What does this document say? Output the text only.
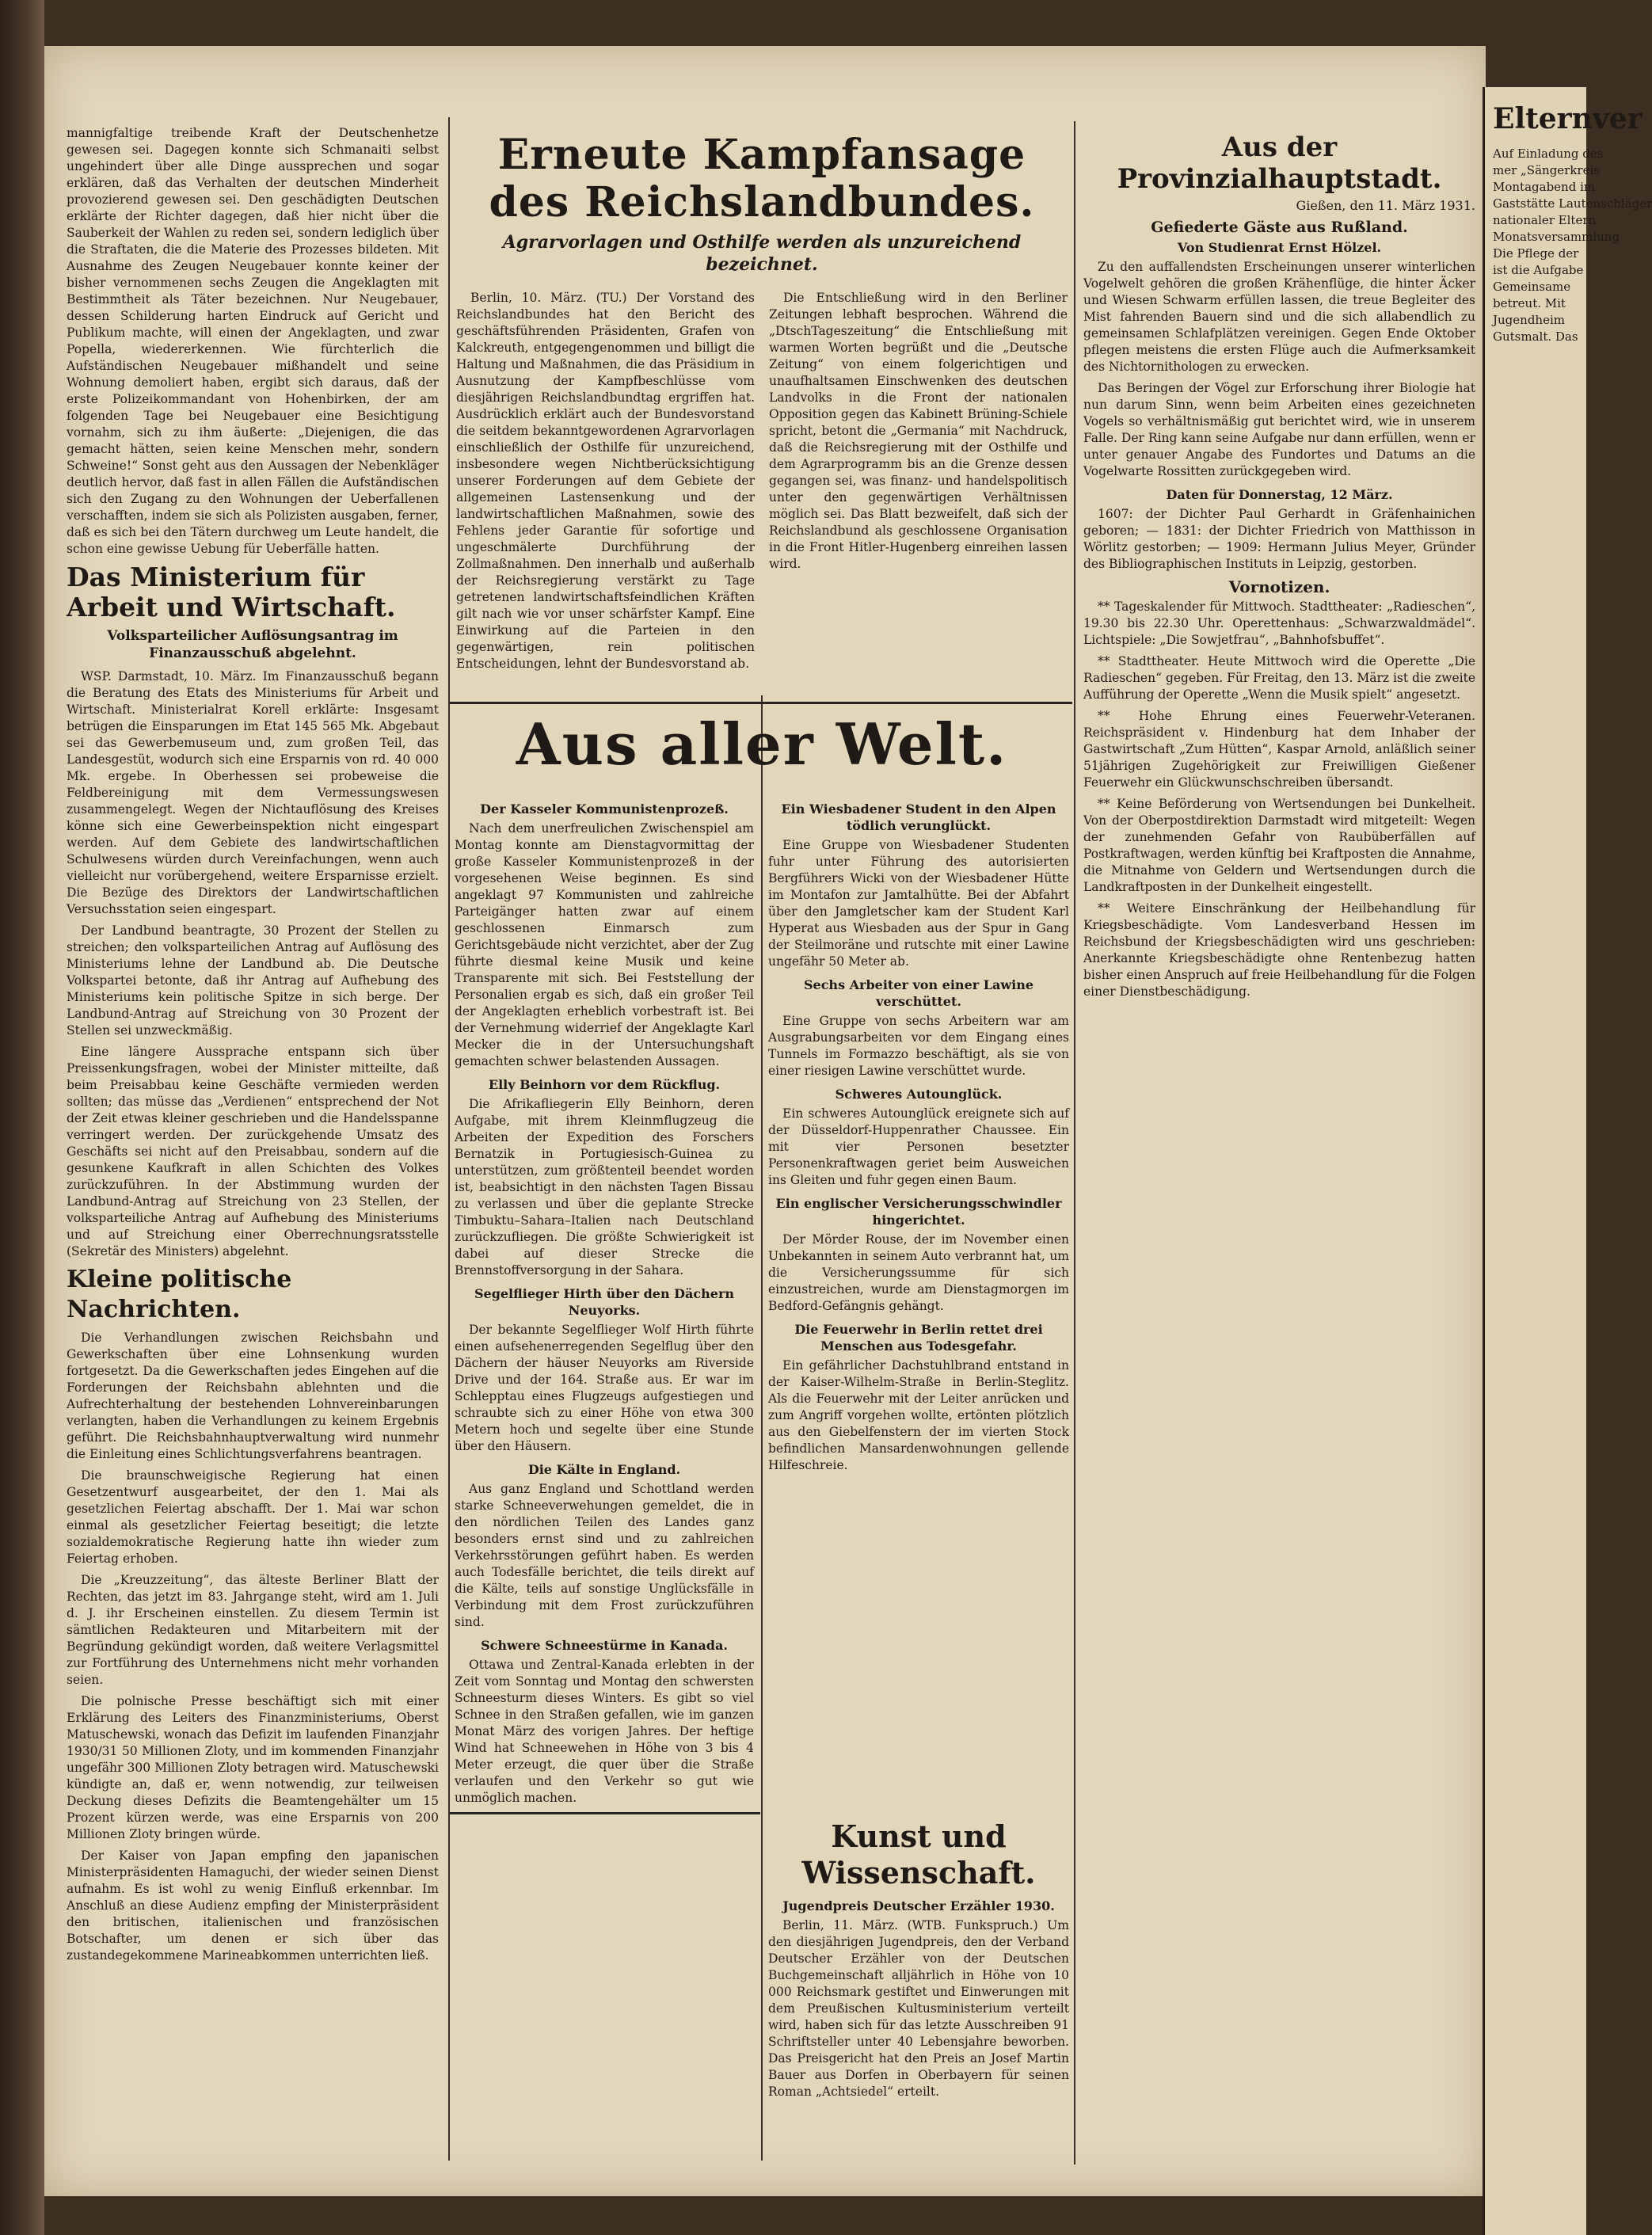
mannigfaltige treibende Kraft der Deutschenhetze gewesen sei. Dagegen konnte sich Schmanaiti selbst ungehindert über alle Dinge aussprechen und sogar erklären, daß das Verhalten der deutschen Minderheit provozierend gewesen sei. Den geschädigten Deutschen erklärte der Richter dagegen, daß hier nicht über die Sauberkeit der Wahlen zu reden sei, sondern lediglich über die Straftaten, die die Materie des Prozesses bildeten. Mit Ausnahme des Zeugen Neugebauer konnte keiner der bisher vernommenen sechs Zeugen die Angeklagten mit Bestimmtheit als Täter bezeichnen. Nur Neugebauer, dessen Schilderung harten Eindruck auf Gericht und Publikum machte, will einen der Angeklagten, und zwar Popella, wiedererkennen. Wie fürchterlich die Aufständischen Neugebauer mißhandelt und seine Wohnung demoliert haben, ergibt sich daraus, daß der erste Polizeikommandant von Hohenbirken, der am folgenden Tage bei Neugebauer eine Besichtigung vornahm, sich zu ihm äußerte: „Diejenigen, die das gemacht hätten, seien keine Menschen mehr, sondern Schweine!“ Sonst geht aus den Aussagen der Nebenkläger deutlich hervor, daß fast in allen Fällen die Aufständischen sich den Zugang zu den Wohnungen der Ueberfallenen verschafften, indem sie sich als Polizisten ausgaben, ferner, daß es sich bei den Tätern durchweg um Leute handelt, die schon eine gewisse Uebung für Ueberfälle hatten.

Das Ministerium für Arbeit und Wirtschaft.
Volksparteilicher Auflösungsantrag im Finanzausschuß abgelehnt.

WSP. Darmstadt, 10. März. Im Finanzausschuß begann die Beratung des Etats des Ministeriums für Arbeit und Wirtschaft. Ministerialrat Korell erklärte: Insgesamt betrügen die Einsparungen im Etat 145 565 Mk. Abgebaut sei das Gewerbemuseum und, zum großen Teil, das Landesgestüt, wodurch sich eine Ersparnis von rd. 40 000 Mk. ergebe. In Oberhessen sei probeweise die Feldbereinigung mit dem Vermessungswesen zusammengelegt. Wegen der Nichtauflösung des Kreises könne sich eine Gewerbeinspektion nicht eingespart werden. Auf dem Gebiete des landwirtschaftlichen Schulwesens würden durch Vereinfachungen, wenn auch vielleicht nur vorübergehend, weitere Ersparnisse erzielt. Die Bezüge des Direktors der Landwirtschaftlichen Versuchsstation seien eingespart.

Der Landbund beantragte, 30 Prozent der Stellen zu streichen; den volksparteilichen Antrag auf Auflösung des Ministeriums lehne der Landbund ab. Die Deutsche Volkspartei betonte, daß ihr Antrag auf Aufhebung des Ministeriums kein politische Spitze in sich berge. Der Landbund-Antrag auf Streichung von 30 Prozent der Stellen sei unzweckmäßig.

Eine längere Aussprache entspann sich über Preissenkungsfragen, wobei der Minister mitteilte, daß beim Preisabbau keine Geschäfte vermieden werden sollten; das müsse das „Verdienen“ entsprechend der Not der Zeit etwas kleiner geschrieben und die Handelsspanne verringert werden. Der zurückgehende Umsatz des Geschäfts sei nicht auf den Preisabbau, sondern auf die gesunkene Kaufkraft in allen Schichten des Volkes zurückzuführen. In der Abstimmung wurden der Landbund-Antrag auf Streichung von 23 Stellen, der volksparteiliche Antrag auf Aufhebung des Ministeriums und auf Streichung einer Oberrechnungsratsstelle (Sekretär des Ministers) abgelehnt.

Kleine politische Nachrichten.

Die Verhandlungen zwischen Reichsbahn und Gewerkschaften über eine Lohnsenkung wurden fortgesetzt. Da die Gewerkschaften jedes Eingehen auf die Forderungen der Reichsbahn ablehnten und die Aufrechterhaltung der bestehenden Lohnvereinbarungen verlangten, haben die Verhandlungen zu keinem Ergebnis geführt. Die Reichsbahnhauptverwaltung wird nunmehr die Einleitung eines Schlichtungsverfahrens beantragen.

Die braunschweigische Regierung hat einen Gesetzentwurf ausgearbeitet, der den 1. Mai als gesetzlichen Feiertag abschafft. Der 1. Mai war schon einmal als gesetzlicher Feiertag beseitigt; die letzte sozialdemokratische Regierung hatte ihn wieder zum Feiertag erhoben.

Die „Kreuzzeitung“, das älteste Berliner Blatt der Rechten, das jetzt im 83. Jahrgange steht, wird am 1. Juli d. J. ihr Erscheinen einstellen. Zu diesem Termin ist sämtlichen Redakteuren und Mitarbeitern mit der Begründung gekündigt worden, daß weitere Verlagsmittel zur Fortführung des Unternehmens nicht mehr vorhanden seien.

Die polnische Presse beschäftigt sich mit einer Erklärung des Leiters des Finanzministeriums, Oberst Matuschewski, wonach das Defizit im laufenden Finanzjahr 1930/31 50 Millionen Zloty, und im kommenden Finanzjahr ungefähr 300 Millionen Zloty betragen wird. Matuschewski kündigte an, daß er, wenn notwendig, zur teilweisen Deckung dieses Defizits die Beamtengehälter um 15 Prozent kürzen werde, was eine Ersparnis von 200 Millionen Zloty bringen würde.

Der Kaiser von Japan empfing den japanischen Ministerpräsidenten Hamaguchi, der wieder seinen Dienst aufnahm. Es ist wohl zu wenig Einfluß erkennbar. Im Anschluß an diese Audienz empfing der Ministerpräsident den britischen, italienischen und französischen Botschafter, um denen er sich über das zustandegekommene Marineabkommen unterrichten ließ.

Erneute Kampfansage des Reichslandbundes.
Agrarvorlagen und Osthilfe werden als unzureichend bezeichnet.

Berlin, 10. März. (TU.) Der Vorstand des Reichslandbundes hat den Bericht des geschäftsführenden Präsidenten, Grafen von Kalckreuth, entgegengenommen und billigt die Haltung und Maßnahmen, die das Präsidium in Ausnutzung der Kampfbeschlüsse vom diesjährigen Reichslandbundtag ergriffen hat. Ausdrücklich erklärt auch der Bundesvorstand die seitdem bekanntgewordenen Agrarvorlagen einschließlich der Osthilfe für unzureichend, insbesondere wegen Nichtberücksichtigung unserer Forderungen auf dem Gebiete der allgemeinen Lastensenkung und der landwirtschaftlichen Maßnahmen, sowie des Fehlens jeder Garantie für sofortige und ungeschmälerte Durchführung der Zollmaßnahmen. Den innerhalb und außerhalb der Reichsregierung verstärkt zu Tage getretenen landwirtschaftsfeindlichen Kräften gilt nach wie vor unser schärfster Kampf. Eine Einwirkung auf die Parteien in den gegenwärtigen, rein politischen Entscheidungen, lehnt der Bundesvorstand ab.

Die Entschließung wird in den Berliner Zeitungen lebhaft besprochen. Während die „DtschTageszeitung“ die Entschließung mit warmen Worten begrüßt und die „Deutsche Zeitung“ von einem folgerichtigen und unaufhaltsamen Einschwenken des deutschen Landvolks in die Front der nationalen Opposition gegen das Kabinett Brüning-Schiele spricht, betont die „Germania“ mit Nachdruck, daß die Reichsregierung mit der Osthilfe und dem Agrarprogramm bis an die Grenze dessen gegangen sei, was finanz- und handelspolitisch unter den gegenwärtigen Verhältnissen möglich sei. Das Blatt bezweifelt, daß sich der Reichslandbund als geschlossene Organisation in die Front Hitler-Hugenberg einreihen lassen wird.

Aus aller Welt.
Der Kasseler Kommunistenprozeß.

Nach dem unerfreulichen Zwischenspiel am Montag konnte am Dienstagvormittag der große Kasseler Kommunistenprozeß in der vorgesehenen Weise beginnen. Es sind angeklagt 97 Kommunisten und zahlreiche Parteigänger hatten zwar auf einem geschlossenen Einmarsch zum Gerichtsgebäude nicht verzichtet, aber der Zug führte diesmal keine Musik und keine Transparente mit sich. Bei Feststellung der Personalien ergab es sich, daß ein großer Teil der Angeklagten erheblich vorbestraft ist. Bei der Vernehmung widerrief der Angeklagte Karl Mecker die in der Untersuchungshaft gemachten schwer belastenden Aussagen.

Elly Beinhorn vor dem Rückflug.

Die Afrikafliegerin Elly Beinhorn, deren Aufgabe, mit ihrem Kleinmflugzeug die Arbeiten der Expedition des Forschers Bernatzik in Portugiesisch-Guinea zu unterstützen, zum größtenteil beendet worden ist, beabsichtigt in den nächsten Tagen Bissau zu verlassen und über die geplante Strecke Timbuktu–Sahara–Italien nach Deutschland zurückzufliegen. Die größte Schwierigkeit ist dabei auf dieser Strecke die Brennstoffversorgung in der Sahara.

Segelflieger Hirth über den Dächern Neuyorks.

Der bekannte Segelflieger Wolf Hirth führte einen aufsehenerregenden Segelflug über den Dächern der häuser Neuyorks am Riverside Drive und der 164. Straße aus. Er war im Schlepptau eines Flugzeugs aufgestiegen und schraubte sich zu einer Höhe von etwa 300 Metern hoch und segelte über eine Stunde über den Häusern.

Die Kälte in England.

Aus ganz England und Schottland werden starke Schneeverwehungen gemeldet, die in den nördlichen Teilen des Landes ganz besonders ernst sind und zu zahlreichen Verkehrsstörungen geführt haben. Es werden auch Todesfälle berichtet, die teils direkt auf die Kälte, teils auf sonstige Unglücksfälle in Verbindung mit dem Frost zurückzuführen sind.

Schwere Schneestürme in Kanada.

Ottawa und Zentral-Kanada erlebten in der Zeit vom Sonntag und Montag den schwersten Schneesturm dieses Winters. Es gibt so viel Schnee in den Straßen gefallen, wie im ganzen Monat März des vorigen Jahres. Der heftige Wind hat Schneewehen in Höhe von 3 bis 4 Meter erzeugt, die quer über die Straße verlaufen und den Verkehr so gut wie unmöglich machen.

Ein Wiesbadener Student in den Alpen tödlich verunglückt.

Eine Gruppe von Wiesbadener Studenten fuhr unter Führung des autorisierten Bergführers Wicki von der Wiesbadener Hütte im Montafon zur Jamtalhütte. Bei der Abfahrt über den Jamgletscher kam der Student Karl Hyperat aus Wiesbaden aus der Spur in Gang der Steilmoräne und rutschte mit einer Lawine ungefähr 50 Meter ab.

Sechs Arbeiter von einer Lawine verschüttet.

Eine Gruppe von sechs Arbeitern war am Ausgrabungsarbeiten vor dem Eingang eines Tunnels im Formazzo beschäftigt, als sie von einer riesigen Lawine verschüttet wurde.

Schweres Autounglück.

Ein schweres Autounglück ereignete sich auf der Düsseldorf-Huppenrather Chaussee. Ein mit vier Personen besetzter Personenkraftwagen geriet beim Ausweichen ins Gleiten und fuhr gegen einen Baum.

Ein englischer Versicherungsschwindler hingerichtet.

Der Mörder Rouse, der im November einen Unbekannten in seinem Auto verbrannt hat, um die Versicherungssumme für sich einzustreichen, wurde am Dienstagmorgen im Bedford-Gefängnis gehängt.

Die Feuerwehr in Berlin rettet drei Menschen aus Todesgefahr.

Ein gefährlicher Dachstuhlbrand entstand in der Kaiser-Wilhelm-Straße in Berlin-Steglitz. Als die Feuerwehr mit der Leiter anrücken und zum Angriff vorgehen wollte, ertönten plötzlich aus den Giebelfenstern der im vierten Stock befindlichen Mansardenwohnungen gellende Hilfeschreie.

Kunst und Wissenschaft.
Jugendpreis Deutscher Erzähler 1930.

Berlin, 11. März. (WTB. Funkspruch.) Um den diesjährigen Jugendpreis, den der Verband Deutscher Erzähler von der Deutschen Buchgemeinschaft alljährlich in Höhe von 10 000 Reichsmark gestiftet und Einwerungen mit dem Preußischen Kultusministerium verteilt wird, haben sich für das letzte Ausschreiben 91 Schriftsteller unter 40 Lebensjahre beworben. Das Preisgericht hat den Preis an Josef Martin Bauer aus Dorfen in Oberbayern für seinen Roman „Achtsiedel“ erteilt.

Aus der Provinzialhauptstadt.
Gießen, den 11. März 1931.
Gefiederte Gäste aus Rußland.
Von Studienrat Ernst Hölzel.

Zu den auffallendsten Erscheinungen unserer winterlichen Vogelwelt gehören die großen Krähenflüge, die hinter Äcker und Wiesen Schwarm erfüllen lassen, die treue Begleiter des Mist fahrenden Bauern sind und die sich allabendlich zu gemeinsamen Schlafplätzen vereinigen. Gegen Ende Oktober pflegen meistens die ersten Flüge auch die Aufmerksamkeit des Nichtornithologen zu erwecken.

Das Beringen der Vögel zur Erforschung ihrer Biologie hat nun darum Sinn, wenn beim Arbeiten eines gezeichneten Vogels so verhältnismäßig gut berichtet wird, wie in unserem Falle. Der Ring kann seine Aufgabe nur dann erfüllen, wenn er unter genauer Angabe des Fundortes und Datums an die Vogelwarte Rossitten zurückgegeben wird.

Daten für Donnerstag, 12 März.

1607: der Dichter Paul Gerhardt in Gräfenhainichen geboren; — 1831: der Dichter Friedrich von Matthisson in Wörlitz gestorben; — 1909: Hermann Julius Meyer, Gründer des Bibliographischen Instituts in Leipzig, gestorben.

Vornotizen.

** Tageskalender für Mittwoch. Stadttheater: „Radieschen“, 19.30 bis 22.30 Uhr. Operettenhaus: „Schwarzwaldmädel“. Lichtspiele: „Die Sowjetfrau“, „Bahnhofsbuffet“.

** Stadttheater. Heute Mittwoch wird die Operette „Die Radieschen“ gegeben. Für Freitag, den 13. März ist die zweite Aufführung der Operette „Wenn die Musik spielt“ angesetzt.

** Hohe Ehrung eines Feuerwehr-Veteranen. Reichspräsident v. Hindenburg hat dem Inhaber der Gastwirtschaft „Zum Hütten“, Kaspar Arnold, anläßlich seiner 51jährigen Zugehörigkeit zur Freiwilligen Gießener Feuerwehr ein Glückwunschschreiben übersandt.

** Keine Beförderung von Wertsendungen bei Dunkelheit. Von der Oberpostdirektion Darmstadt wird mitgeteilt: Wegen der zunehmenden Gefahr von Raubüberfällen auf Postkraftwagen, werden künftig bei Kraftposten die Annahme, die Mitnahme von Geldern und Wertsendungen durch die Landkraftposten in der Dunkelheit eingestellt.

** Weitere Einschränkung der Heilbehandlung für Kriegsbeschädigte. Vom Landesverband Hessen im Reichsbund der Kriegsbeschädigten wird uns geschrieben: Anerkannte Kriegsbeschädigte ohne Rentenbezug hatten bisher einen Anspruch auf freie Heilbehandlung für die Folgen einer Dienstbeschädigung.

Elternver

Auf Einladung des

mer „Sängerkreis

Montagabend im

Gaststätte Lautenschläger

nationaler Eltern

Monatsversammlung

Die Pflege der

ist die Aufgabe

Gemeinsame

betreut. Mit

Jugendheim

Gutsmalt. Das
